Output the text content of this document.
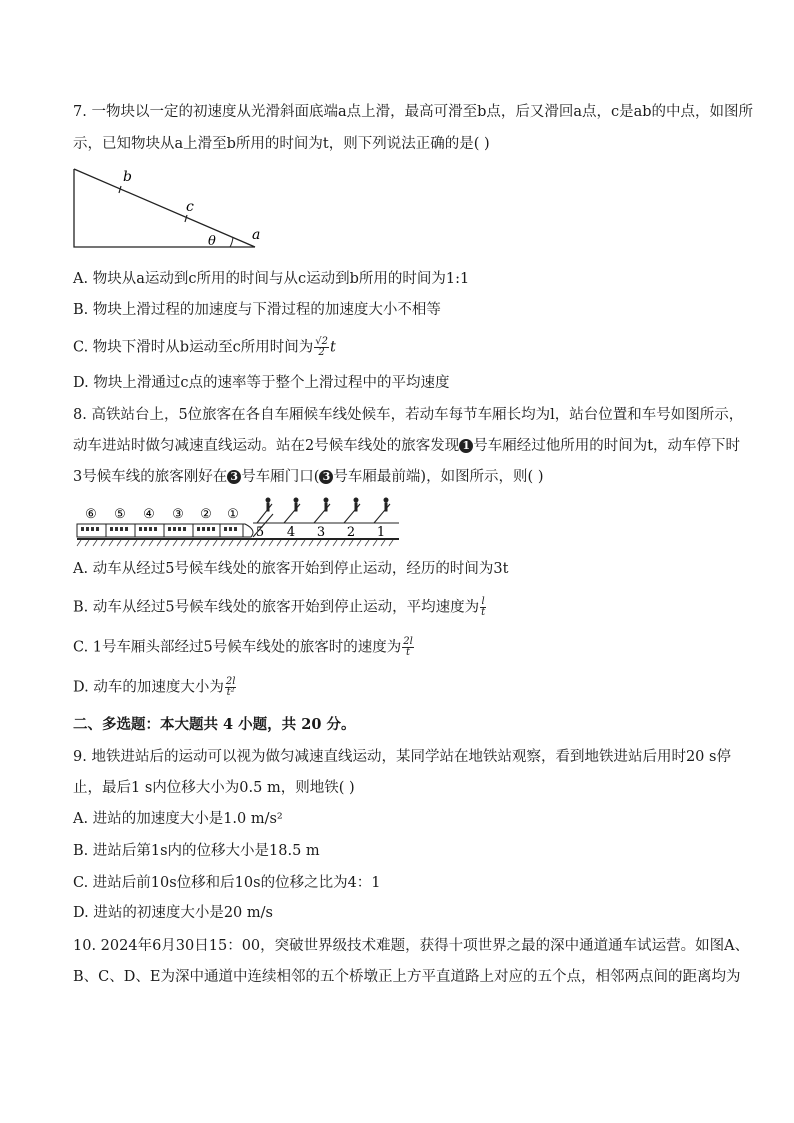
7. 一物块以一定的初速度从光滑斜面底端a点上滑，最高可滑至b点，后又滑回a点，c是ab的中点，如图所
示，已知物块从a上滑至b所用的时间为t，则下列说法正确的是( )
b
c
θ	a
A. 物块从a运动到c所用的时间与从c运动到b所用的时间为1:1
B. 物块上滑过程的加速度与下滑过程的加速度大小不相等
C. 物块下滑时从b运动至c所用时间为 $\frac{√2}{2}$ t
D. 物块上滑通过c点的速率等于整个上滑过程中的平均速度
8. 高铁站台上，5位旅客在各自车厢候车线处候车，若动车每节车厢长均为l，站台位置和车号如图所示，
动车进站时做匀减速直线运动。站在2号候车线处的旅客发现 1 号车厢经过他所用的时间为t，动车停下时
3号候车线的旅客刚好在 3 号车厢门口( 3 号车厢最前端)，如图所示，则( )
⑥ ⑤ ④ ③ ② ①
5 4 3 2 1
A. 动车从经过5号候车线处的旅客开始到停止运动，经历的时间为3t
B. 动车从经过5号候车线处的旅客开始到停止运动，平均速度为 $\frac{l}{t}$
C. 1号车厢头部经过5号候车线处的旅客时的速度为 $\frac{2l}{t}$
D. 动车的加速度大小为 $\frac{2l}{\text{t²}}$
二、多选题：本大题共 4 小题，共 20 分。
9. 地铁进站后的运动可以视为做匀减速直线运动，某同学站在地铁站观察，看到地铁进站后用时20 s停
止，最后1 s内位移大小为0.5 m，则地铁( )
A. 进站的加速度大小是1.0 m/s²
B. 进站后第1s内的位移大小是18.5 m
C. 进站后前10s位移和后10s的位移之比为4：1
D. 进站的初速度大小是20 m/s
10. 2024年6月30日15：00，突破世界级技术难题，获得十项世界之最的深中通道通车试运营。如图A、
B、C、D、E为深中通道中连续相邻的五个桥墩正上方平直道路上对应的五个点，相邻两点间的距离均为
